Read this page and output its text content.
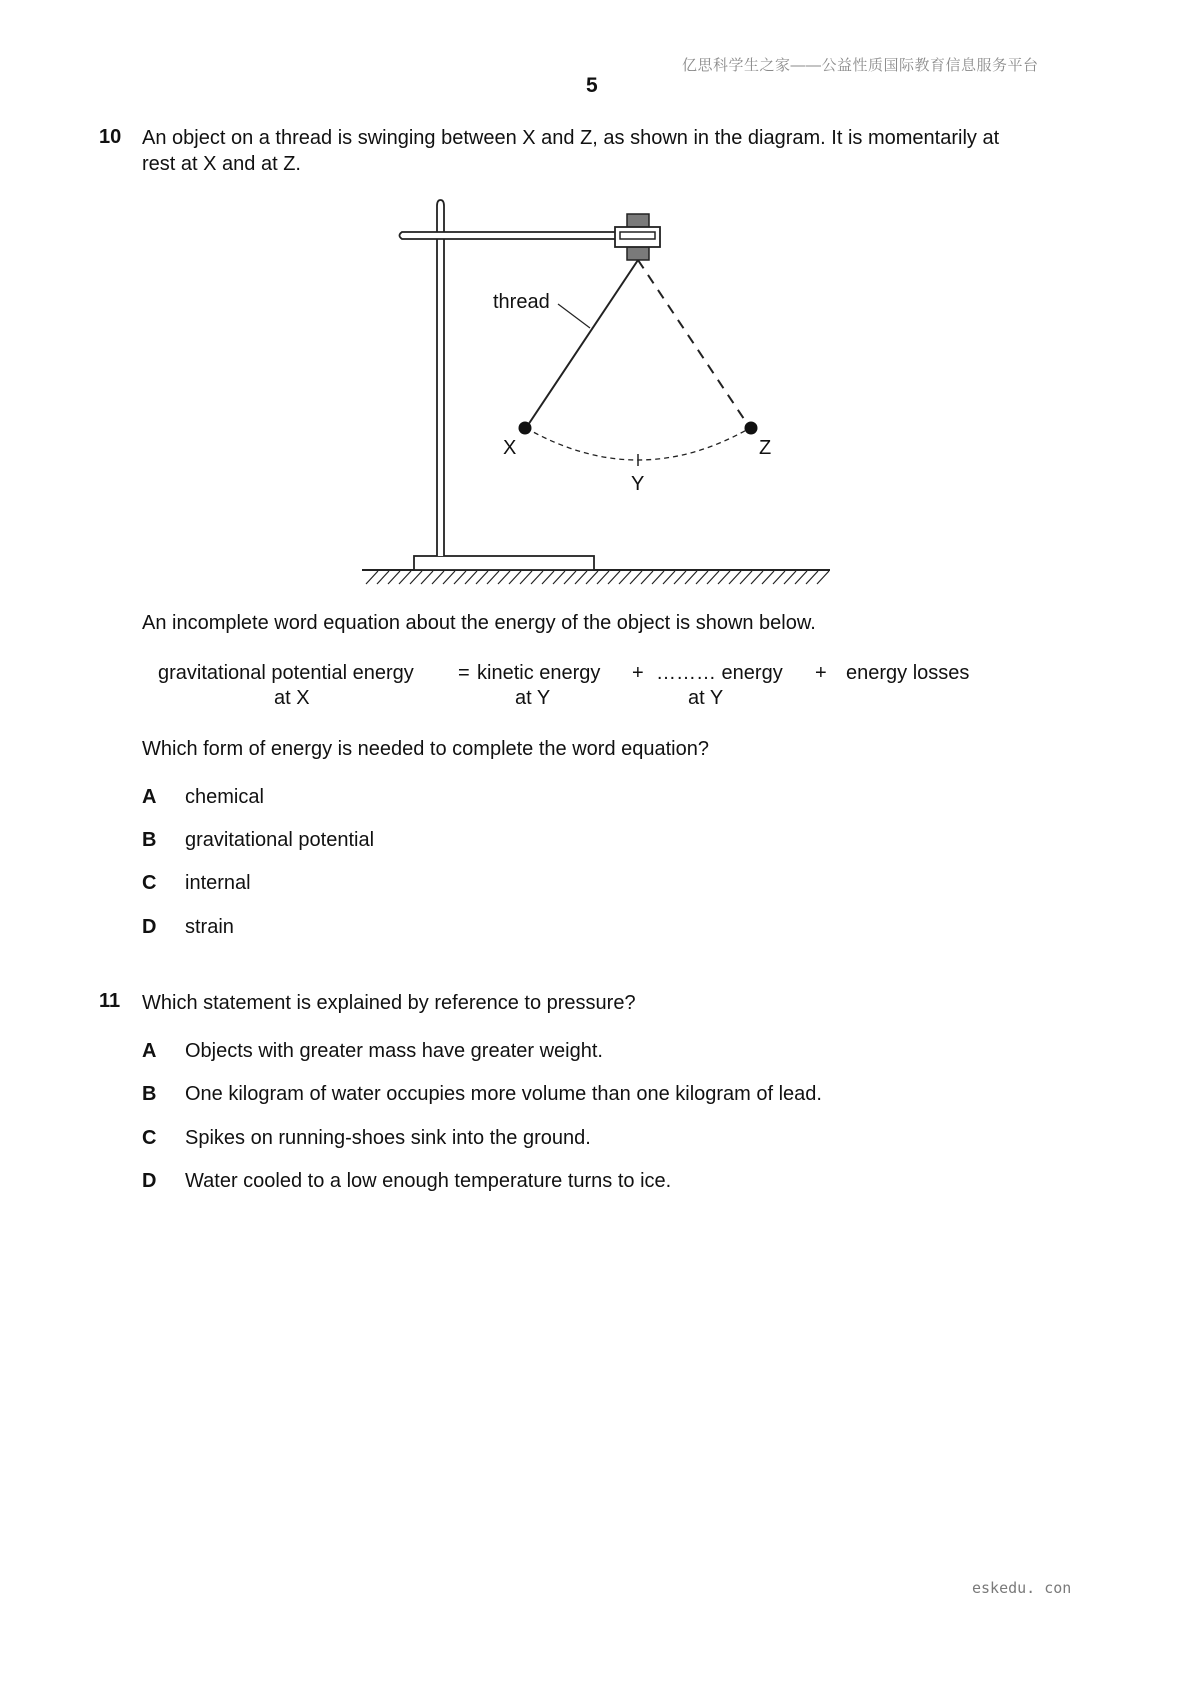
亿思科学生之家——公益性质国际教育信息服务平台
5
10 An object on a thread is swinging between X and Z, as shown in the diagram. It is momentarily at
rest at X and at Z.
thread
X
Y
Z
An incomplete word equation about the energy of the object is shown below.
gravitational potential energy
at X
= kinetic energy
at Y
+ ……… energy
at Y
+ energy losses
Which form of energy is needed to complete the word equation?
A chemical
B gravitational potential
C internal
D strain
11 Which statement is explained by reference to pressure?
A Objects with greater mass have greater weight.
B One kilogram of water occupies more volume than one kilogram of lead.
C Spikes on running-shoes sink into the ground.
D Water cooled to a low enough temperature turns to ice.
eskedu. con
